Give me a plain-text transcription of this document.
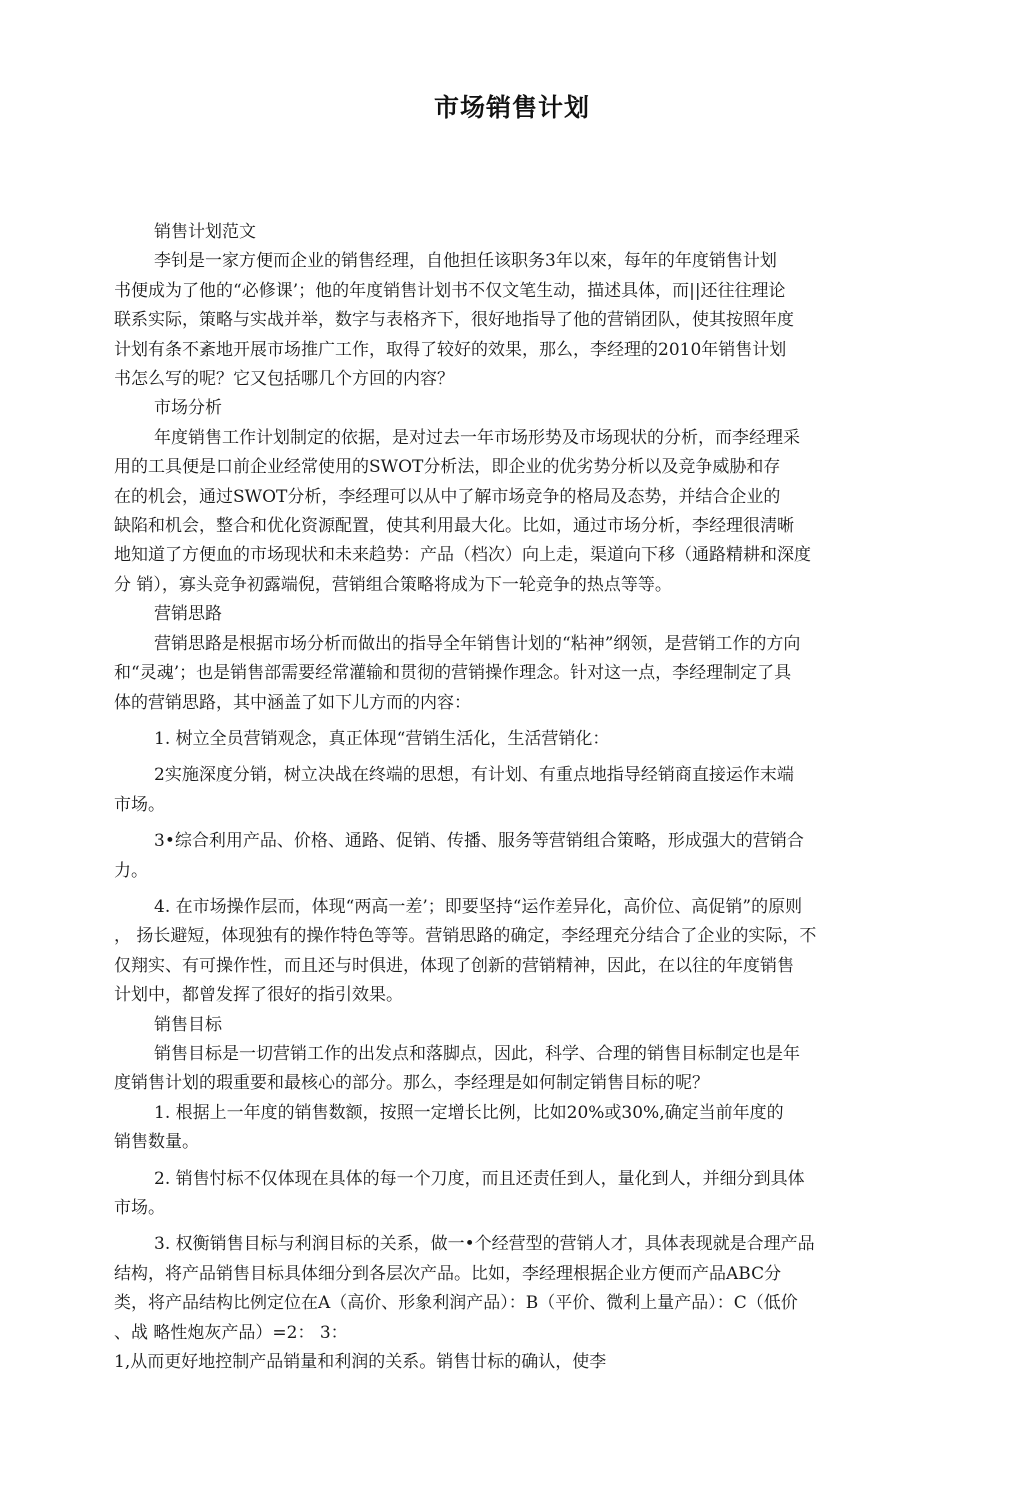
市场销售计划
销售计划范文
李钊是一家方便而企业的销售经理，自他担任该职务3年以來，每年的年度销售计划
书便成为了他的“必修课’；他的年度销售计划书不仅文笔生动，描述具体，而||还往往理论
联系实际，策略与实战并举，数字与表格齐下，很好地指导了他的营销团队，使其按照年度
计划有条不紊地开展市场推广工作，取得了较好的效果，那么，李经理的2010年销售计划
书怎么写的呢？它又包括哪几个方回的内容？
市场分析
年度销售工作计划制定的依据，是对过去一年市场形势及市场现状的分析，而李经理采
用的工具便是口前企业经常使用的SWOT分析法，即企业的优劣势分析以及竞争威胁和存
在的机会，通过SWOT分析，李经理可以从中了解市场竞争的格局及态势，并结合企业的
缺陷和机会，整合和优化资源配置，使其利用最大化。比如，通过市场分析，李经理很淸晰
地知道了方便血的市场现状和未来趋势：产品（档次）向上走，渠道向下移（通路精耕和深度
分 销），寡头竞争初露端倪，营销组合策略将成为下一轮竞争的热点等等。
营销思路
营销思路是根据市场分析而做出的指导全年销售计划的“粘神”纲领，是营销工作的方向
和“灵魂’；也是销售部需要经常灌输和贯彻的营销操作理念。针对这一点，李经理制定了具
体的营销思路，其中涵盖了如下儿方而的内容：
1. 树立全员营销观念，真正体现“营销生活化，生活营销化：
2实施深度分销，树立决战在终端的思想，有计划、有重点地指导经销商直接运作末端
市场。
3•综合利用产品、价格、通路、促销、传播、服务等营销组合策略，形成强大的营销合
力。
4. 在市场操作层而，体现“两高一差’；即要坚持“运作差异化，高价位、高促销”的原则
， 扬长避短，体现独有的操作特色等等。营销思路的确定，李经理充分结合了企业的实际，不
仅翔实、有可操作性，而且还与时俱进，体现了创新的营销精神，因此，在以往的年度销售
计划中，都曾发挥了很好的指引效果。
销售目标
销售目标是一切营销工作的出发点和落脚点，因此，科学、合理的销售目标制定也是年
度销售计划的瑕重要和最核心的部分。那么，李经理是如何制定销售目标的呢？
1. 根据上一年度的销售数额，按照一定增长比例，比如20%或30%,确定当前年度的
销售数量。
2. 销售忖标不仅体现在具体的每一个刀度，而且还责任到人，量化到人，并细分到具体
市场。
3. 权衡销售目标与利润目标的关系，做一•个经营型的营销人才，具体表现就是合理产品
结构，将产品销售目标具体细分到各层次产品。比如，李经理根据企业方便而产品ABC分
类，将产品结构比例定位在A（高价、形象利润产品）：B（平价、微利上量产品）：C（低价
、战 略性炮灰产品）=2： 3：
1,从而更好地控制产品销量和利润的关系。销售廿标的确认，使李
